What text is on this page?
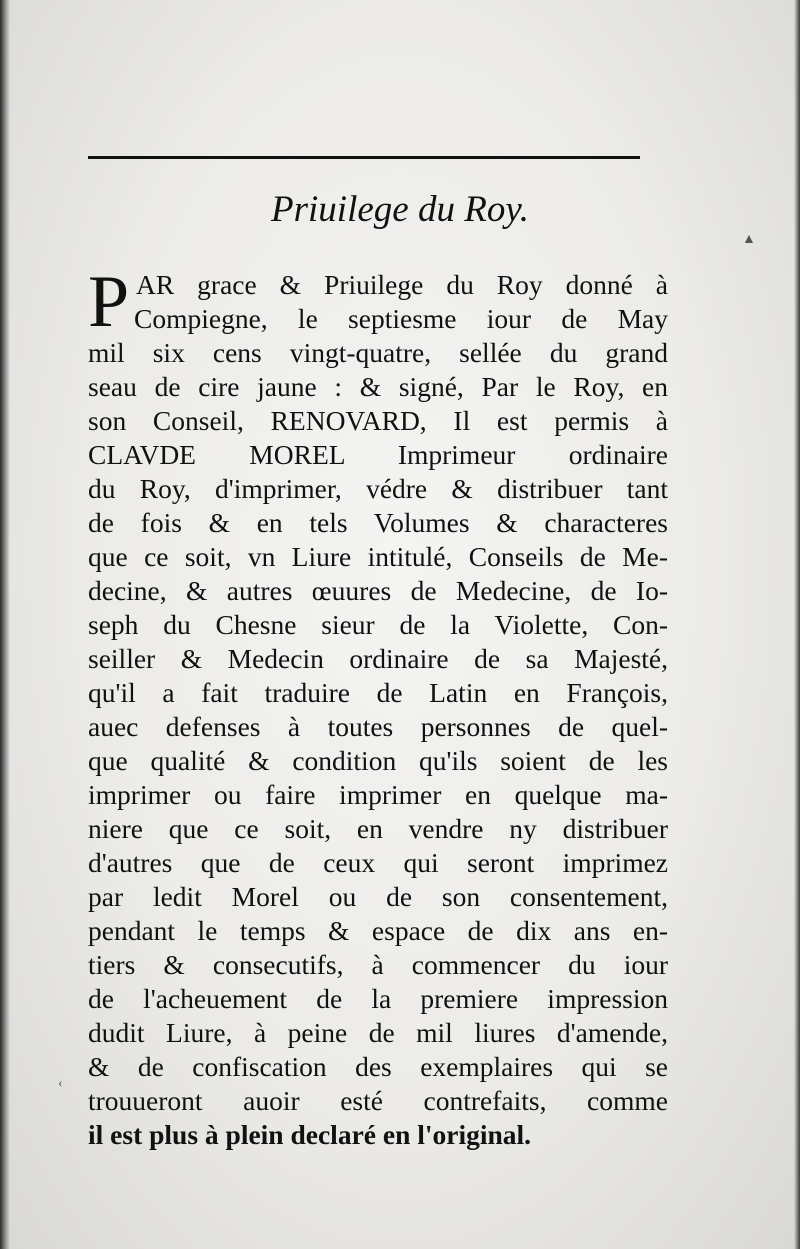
▲
‹
Priuilege du Roy.
P AR grace & Priuilege du Roy donné à
Compiegne, le septiesme iour de May
mil six cens vingt-quatre, sellée du grand
seau de cire jaune : & signé, Par le Roy, en
son Conseil, RENOVARD, Il est permis à
CLAVDE MOREL Imprimeur ordinaire
du Roy, d'imprimer, védre & distribuer tant
de fois & en tels Volumes & characteres
que ce soit, vn Liure intitulé, Conseils de Me-
decine, & autres œuures de Medecine, de Io-
seph du Chesne sieur de la Violette, Con-
seiller & Medecin ordinaire de sa Majesté,
qu'il a fait traduire de Latin en François,
auec defenses à toutes personnes de quel-
que qualité & condition qu'ils soient de les
imprimer ou faire imprimer en quelque ma-
niere que ce soit, en vendre ny distribuer
d'autres que de ceux qui seront imprimez
par ledit Morel ou de son consentement,
pendant le temps & espace de dix ans en-
tiers & consecutifs, à commencer du iour
de l'acheuement de la premiere impression
dudit Liure, à peine de mil liures d'amende,
& de confiscation des exemplaires qui se
trouueront auoir esté contrefaits, comme
il est plus à plein declaré en l'original.
